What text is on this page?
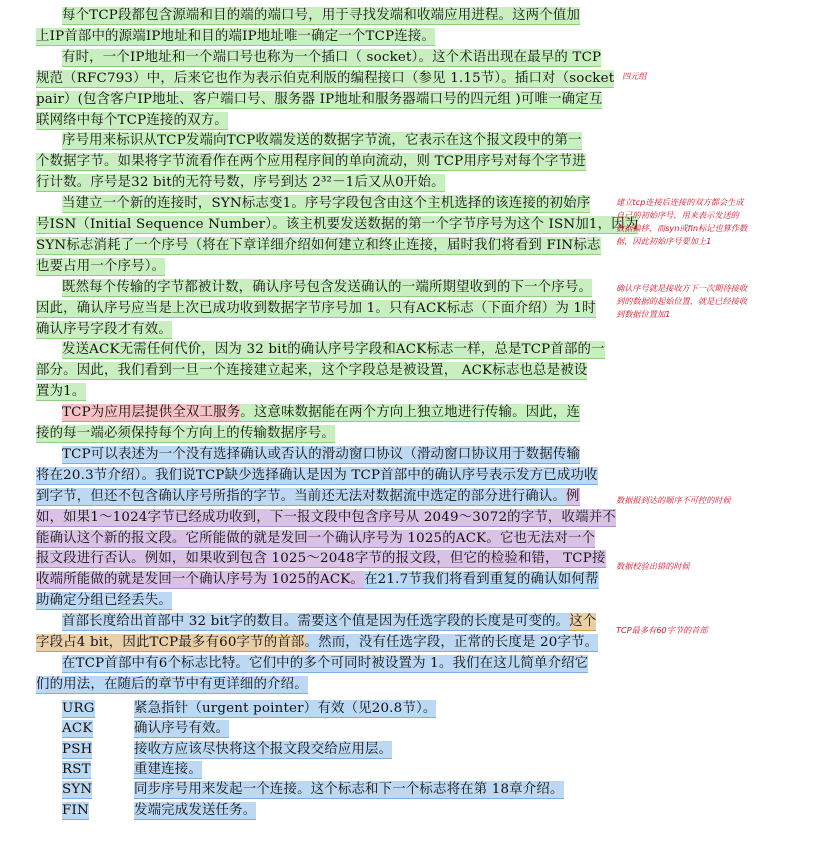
每个TCP段都包含源端和目的端的端口号，用于寻找发端和收端应用进程。这两个值加
上IP首部中的源端IP地址和目的端IP地址唯一确定一个TCP连接。
有时，一个IP地址和一个端口号也称为一个插口（ socket）。这个术语出现在最早的 TCP
规范（RFC793）中，后来它也作为表示伯克利版的编程接口（参见 1.15节）。插口对（socket
pair）(包含客户IP地址、客户端口号、服务器 IP地址和服务器端口号的四元组 )可唯一确定互
联网络中每个TCP连接的双方。
序号用来标识从TCP发端向TCP收端发送的数据字节流，它表示在这个报文段中的第一
个数据字节。如果将字节流看作在两个应用程序间的单向流动，则 TCP用序号对每个字节进
行计数。序号是32 bit的无符号数，序号到达 2³²－1后又从0开始。
当建立一个新的连接时，SYN标志变1。序号字段包含由这个主机选择的该连接的初始序
号ISN（Initial Sequence Number）。该主机要发送数据的第一个字节序号为这个 ISN加1，因为
SYN标志消耗了一个序号（将在下章详细介绍如何建立和终止连接，届时我们将看到 FIN标志
也要占用一个序号）。
既然每个传输的字节都被计数，确认序号包含发送确认的一端所期望收到的下一个序号。
因此，确认序号应当是上次已成功收到数据字节序号加 1。只有ACK标志（下面介绍）为 1时
确认序号字段才有效。
发送ACK无需任何代价，因为 32 bit的确认序号字段和ACK标志一样，总是TCP首部的一
部分。因此，我们看到一旦一个连接建立起来，这个字段总是被设置， ACK标志也总是被设
置为1。
TCP为应用层提供全双工服务。这意味数据能在两个方向上独立地进行传输。因此，连
接的每一端必须保持每个方向上的传输数据序号。
TCP可以表述为一个没有选择确认或否认的滑动窗口协议（滑动窗口协议用于数据传输
将在20.3节介绍）。我们说TCP缺少选择确认是因为 TCP首部中的确认序号表示发方已成功收
到字节，但还不包含确认序号所指的字节。当前还无法对数据流中选定的部分进行确认。例
如，如果1～1024字节已经成功收到，下一报文段中包含序号从 2049～3072的字节，收端并不
能确认这个新的报文段。它所能做的就是发回一个确认序号为 1025的ACK。它也无法对一个
报文段进行否认。例如，如果收到包含 1025～2048字节的报文段，但它的检验和错， TCP接
收端所能做的就是发回一个确认序号为 1025的ACK。在21.7节我们将看到重复的确认如何帮
助确定分组已经丢失。
首部长度给出首部中 32 bit字的数目。需要这个值是因为任选字段的长度是可变的。这个
字段占4 bit，因此TCP最多有60字节的首部。然而，没有任选字段，正常的长度是 20字节。
在TCP首部中有6个标志比特。它们中的多个可同时被设置为 1。我们在这儿简单介绍它
们的用法，在随后的章节中有更详细的介绍。
URG	紧急指针（urgent pointer）有效（见20.8节）。
ACK	确认序号有效。
PSH	接收方应该尽快将这个报文段交给应用层。
RST	重建连接。
SYN	同步序号用来发起一个连接。这个标志和下一个标志将在第 18章介绍。
FIN	发端完成发送任务。
四元组
建立tcp连接后连接的双方都会生成
自己的初始序号，用来表示发送的
数据偏移，而syn或fin标记也算作数
据，因此初始序号要加上1
确认序号就是接收方下一次期待接收
到的数据的起始位置，就是已经接收
到数据位置加1
数据报到达的顺序不可控的时候
数据校验出错的时候
TCP最多有60字节的首部
